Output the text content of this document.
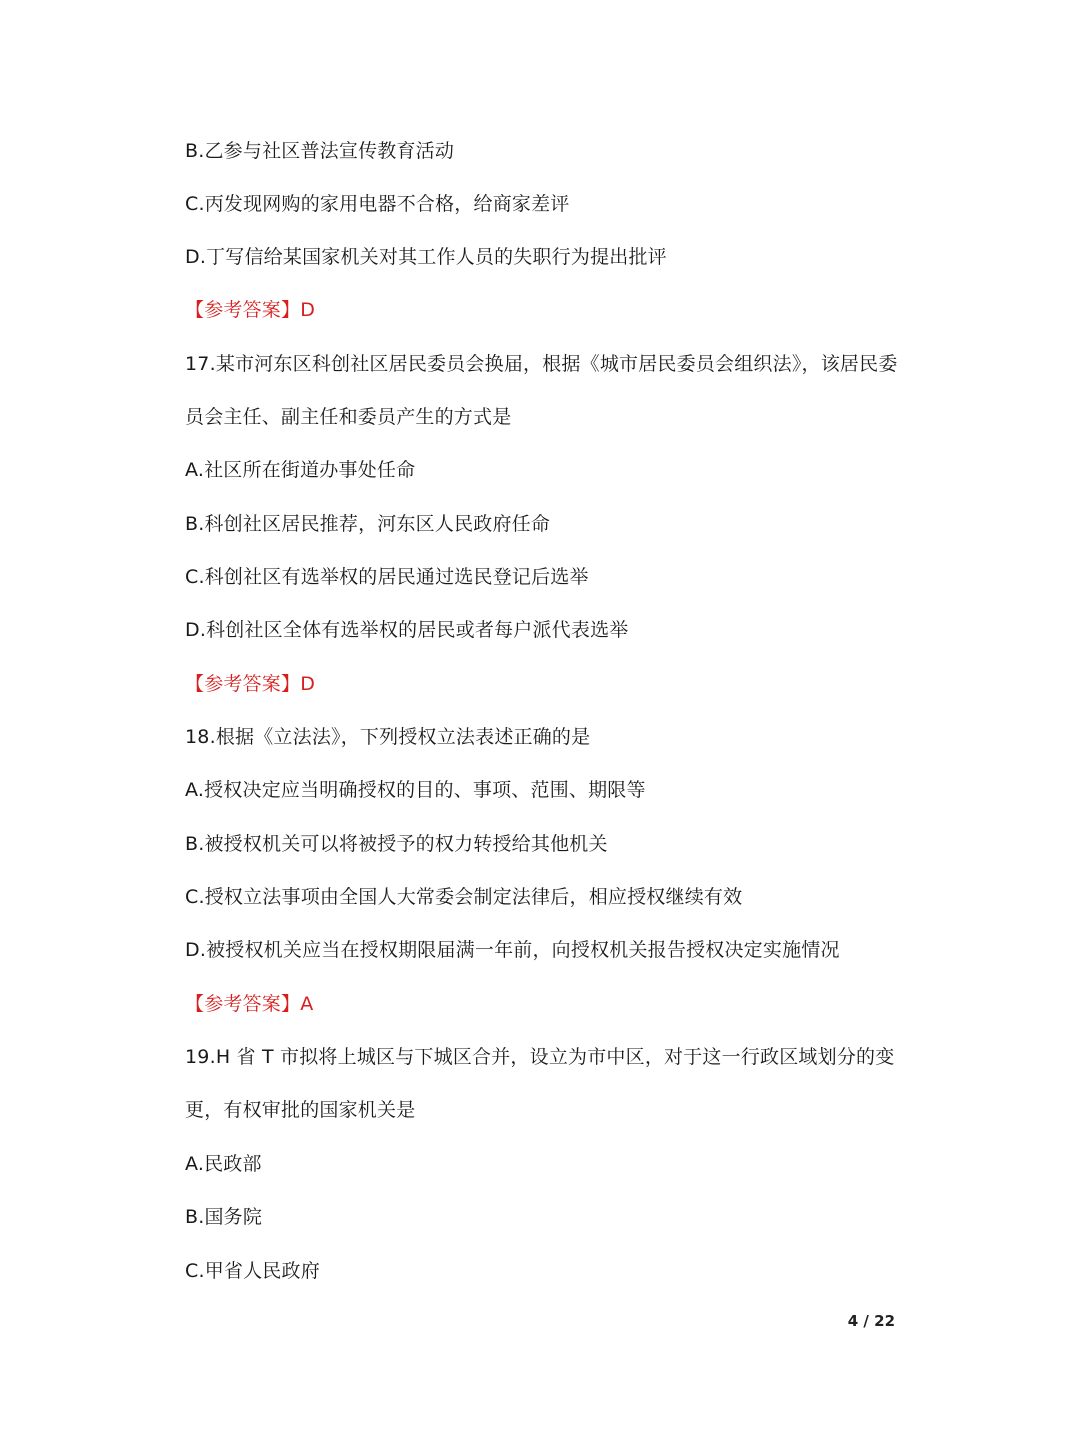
B.乙参与社区普法宣传教育活动
C.丙发现网购的家用电器不合格，给商家差评
D.丁写信给某国家机关对其工作人员的失职行为提出批评
【参考答案】D
17.某市河东区科创社区居民委员会换届，根据《城市居民委员会组织法》，该居民委
员会主任、副主任和委员产生的方式是
A.社区所在街道办事处任命
B.科创社区居民推荐，河东区人民政府任命
C.科创社区有选举权的居民通过选民登记后选举
D.科创社区全体有选举权的居民或者每户派代表选举
【参考答案】D
18.根据《立法法》，下列授权立法表述正确的是
A.授权决定应当明确授权的目的、事项、范围、期限等
B.被授权机关可以将被授予的权力转授给其他机关
C.授权立法事项由全国人大常委会制定法律后，相应授权继续有效
D.被授权机关应当在授权期限届满一年前，向授权机关报告授权决定实施情况
【参考答案】A
19.H 省 T 市拟将上城区与下城区合并，设立为市中区，对于这一行政区域划分的变
更，有权审批的国家机关是
A.民政部
B.国务院
C.甲省人民政府
4 / 22
